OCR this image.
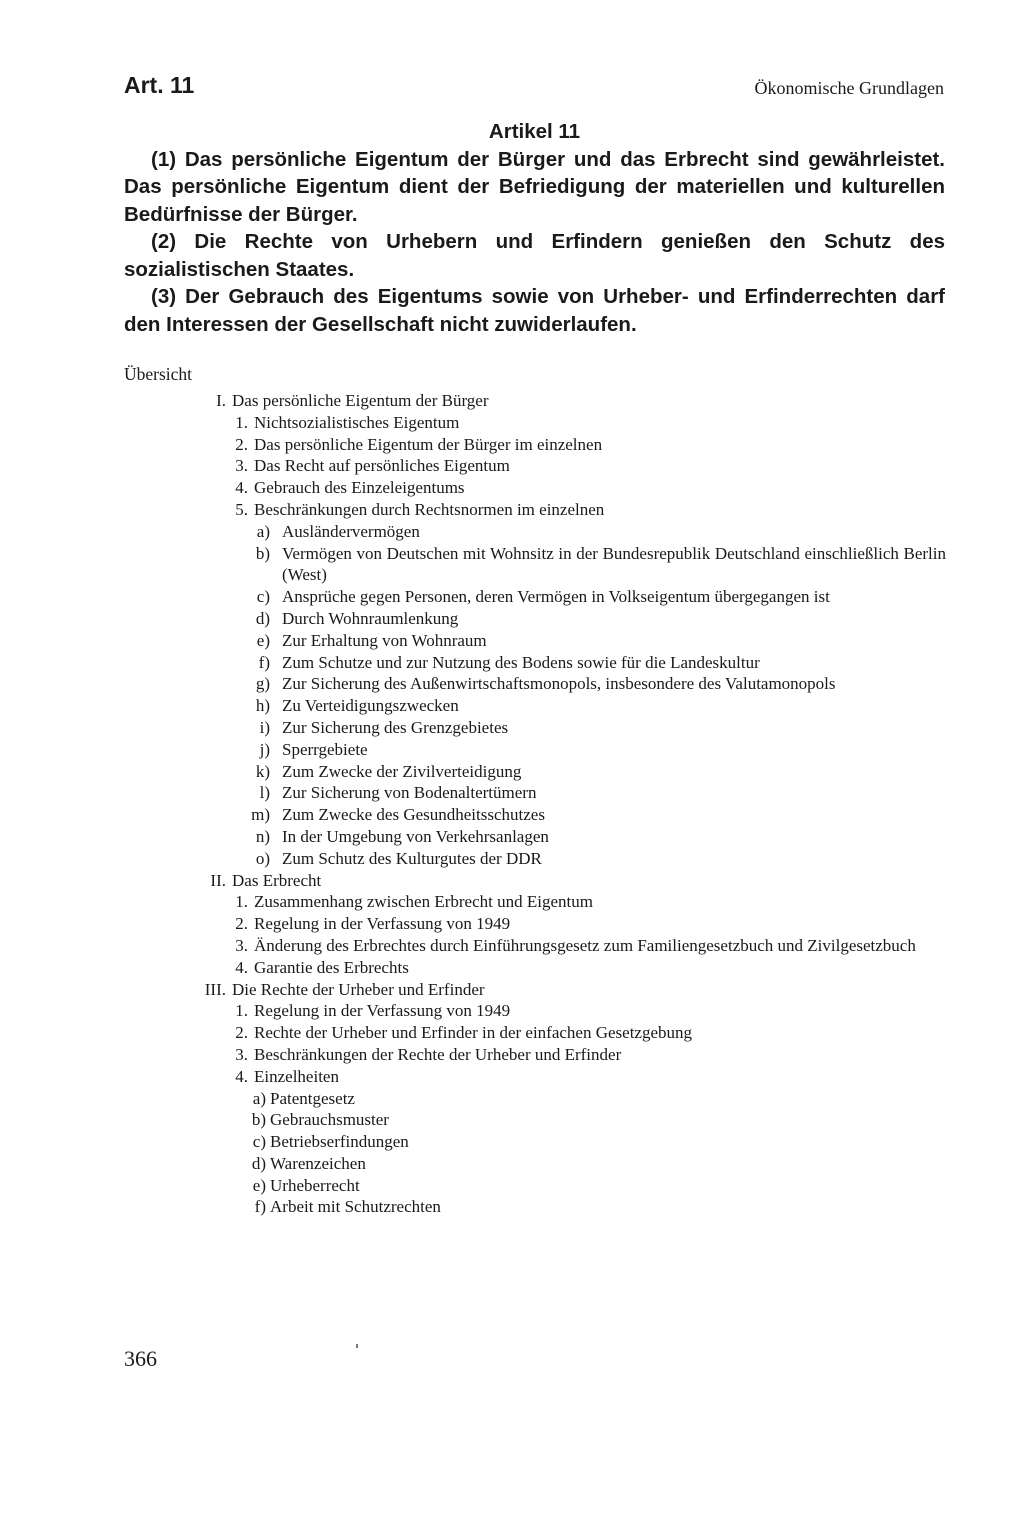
Art. 11	Ökonomische Grundlagen
Artikel 11

(1) Das persönliche Eigentum der Bürger und das Erbrecht sind gewährleistet. Das persönliche Eigentum dient der Befriedigung der materiellen und kulturellen Bedürfnisse der Bürger.

(2) Die Rechte von Urhebern und Erfindern genießen den Schutz des sozialistischen Staates.

(3) Der Gebrauch des Eigentums sowie von Urheber- und Erfinderrechten darf den Interessen der Gesellschaft nicht zuwiderlaufen.

Übersicht
I. Das persönliche Eigentum der Bürger
1. Nichtsozialistisches Eigentum
2. Das persönliche Eigentum der Bürger im einzelnen
3. Das Recht auf persönliches Eigentum
4. Gebrauch des Einzeleigentums
5. Beschränkungen durch Rechtsnormen im einzelnen
a) Ausländervermögen
b) Vermögen von Deutschen mit Wohnsitz in der Bundesrepublik Deutschland einschließlich Berlin (West)
c) Ansprüche gegen Personen, deren Vermögen in Volkseigentum übergegangen ist
d) Durch Wohnraumlenkung
e) Zur Erhaltung von Wohnraum
f) Zum Schutze und zur Nutzung des Bodens sowie für die Landeskultur
g) Zur Sicherung des Außenwirtschaftsmonopols, insbesondere des Valutamonopols
h) Zu Verteidigungszwecken
i) Zur Sicherung des Grenzgebietes
j) Sperrgebiete
k) Zum Zwecke der Zivilverteidigung
l) Zur Sicherung von Bodenaltertümern
m) Zum Zwecke des Gesundheitsschutzes
n) In der Umgebung von Verkehrsanlagen
o) Zum Schutz des Kulturgutes der DDR
II. Das Erbrecht
1. Zusammenhang zwischen Erbrecht und Eigentum
2. Regelung in der Verfassung von 1949
3. Änderung des Erbrechtes durch Einführungsgesetz zum Familiengesetzbuch und Zivilgesetzbuch
4. Garantie des Erbrechts
III. Die Rechte der Urheber und Erfinder
1. Regelung in der Verfassung von 1949
2. Rechte der Urheber und Erfinder in der einfachen Gesetzgebung
3. Beschränkungen der Rechte der Urheber und Erfinder
4. Einzelheiten
a) Patentgesetz
b) Gebrauchsmuster
c) Betriebserfindungen
d) Warenzeichen
e) Urheberrecht
f) Arbeit mit Schutzrechten
366
